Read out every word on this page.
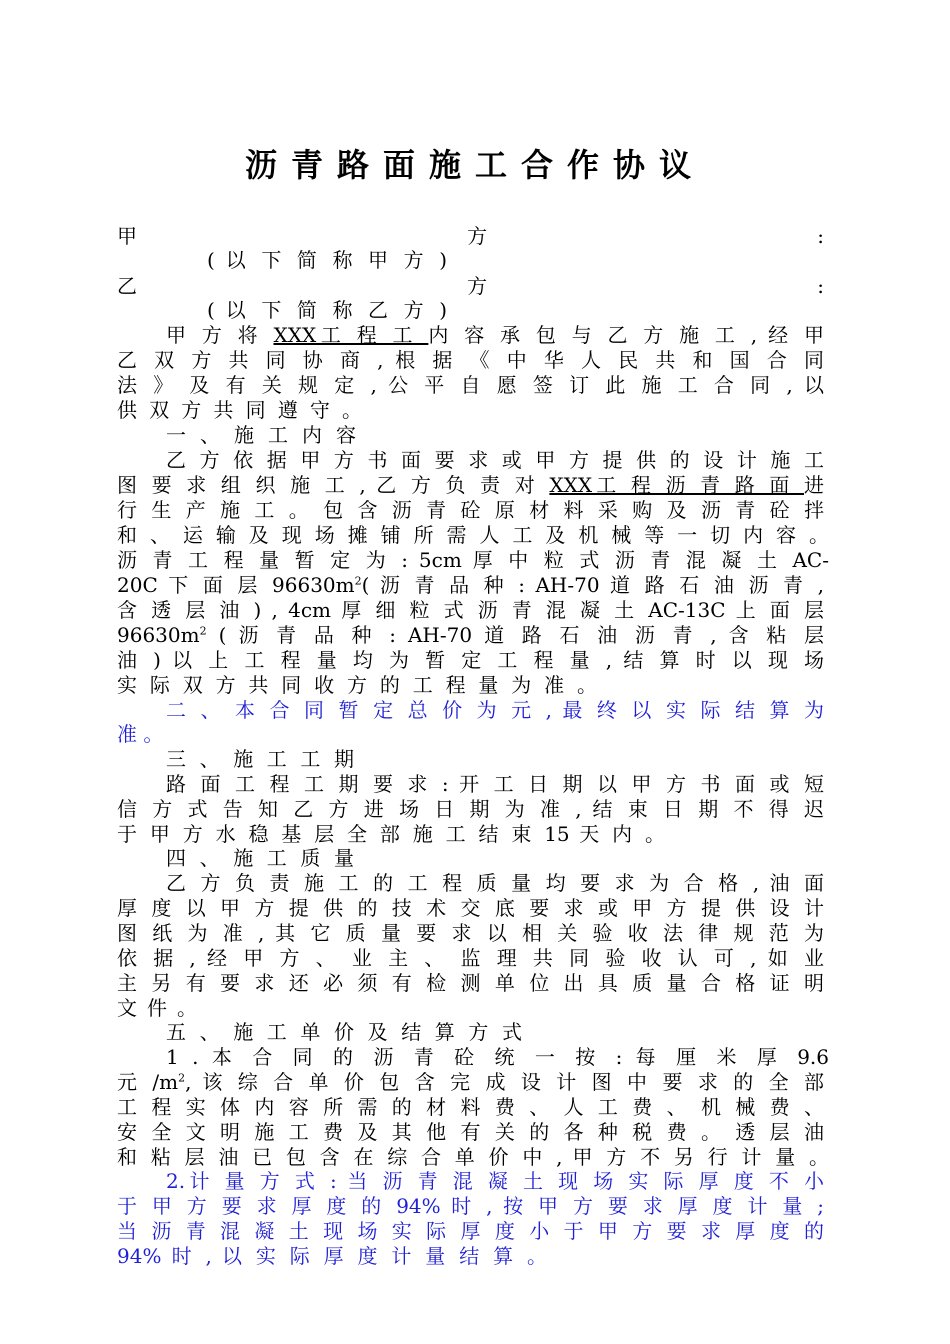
沥青路面施工合作协议
甲 方 :
( 以 下 简 称 甲 方 )
乙 方 :
( 以 下 简 称 乙 方 )
甲 方 将 XXX工 程 工 内 容 承 包 与 乙 方 施 工 , 经 甲
乙 双 方 共 同 协 商 , 根 据 《 中 华 人 民 共 和 国 合 同
法 》 及 有 关 规 定 , 公 平 自 愿 签 订 此 施 工 合 同 , 以
供 双 方 共 同 遵 守 。
一 、 施 工 内 容
乙 方 依 据 甲 方 书 面 要 求 或 甲 方 提 供 的 设 计 施 工
图 要 求 组 织 施 工 , 乙 方 负 责 对 XXX工 程 沥 青 路 面 进
行 生 产 施 工 。 包 含 沥 青 砼 原 材 料 采 购 及 沥 青 砼 拌
和 、 运 输 及 现 场 摊 铺 所 需 人 工 及 机 械 等 一 切 内 容 。
沥 青 工 程 量 暂 定 为 : 5cm 厚 中 粒 式 沥 青 混 凝 土 AC-
20C 下 面 层 $96630m^2$( 沥 青 品 种 : AH-70 道 路 石 油 沥 青 ,
含 透 层 油 ) , 4cm 厚 细 粒 式 沥 青 混 凝 土 AC-13C 上 面 层
$96630m^2$ ( 沥 青 品 种 : AH-70 道 路 石 油 沥 青 , 含 粘 层
油 ) 以 上 工 程 量 均 为 暂 定 工 程 量 , 结 算 时 以 现 场
实 际 双 方 共 同 收 方 的 工 程 量 为 准 。
二 、 本 合 同 暂 定 总 价 为 元 , 最 终 以 实 际 结 算 为
准 。
三 、 施 工 工 期
路 面 工 程 工 期 要 求 : 开 工 日 期 以 甲 方 书 面 或 短
信 方 式 告 知 乙 方 进 场 日 期 为 准 , 结 束 日 期 不 得 迟
于 甲 方 水 稳 基 层 全 部 施 工 结 束 15 天 内 。
四 、 施 工 质 量
乙 方 负 责 施 工 的 工 程 质 量 均 要 求 为 合 格 , 油 面
厚 度 以 甲 方 提 供 的 技 术 交 底 要 求 或 甲 方 提 供 设 计
图 纸 为 准 , 其 它 质 量 要 求 以 相 关 验 收 法 律 规 范 为
依 据 , 经 甲 方 、 业 主 、 监 理 共 同 验 收 认 可 , 如 业
主 另 有 要 求 还 必 须 有 检 测 单 位 出 具 质 量 合 格 证 明
文 件 。
五 、 施 工 单 价 及 结 算 方 式
1 . 本 合 同 的 沥 青 砼 统 一 按 : 每 厘 米 厚 9.6
元 $/m^2$, 该 综 合 单 价 包 含 完 成 设 计 图 中 要 求 的 全 部
工 程 实 体 内 容 所 需 的 材 料 费 、 人 工 费 、 机 械 费 、
安 全 文 明 施 工 费 及 其 他 有 关 的 各 种 税 费 。 透 层 油
和 粘 层 油 已 包 含 在 综 合 单 价 中 , 甲 方 不 另 行 计 量 。
2.计 量 方 式 : 当 沥 青 混 凝 土 现 场 实 际 厚 度 不 小
于 甲 方 要 求 厚 度 的 94% 时 , 按 甲 方 要 求 厚 度 计 量 ;
当 沥 青 混 凝 土 现 场 实 际 厚 度 小 于 甲 方 要 求 厚 度 的
94% 时 , 以 实 际 厚 度 计 量 结 算 。
